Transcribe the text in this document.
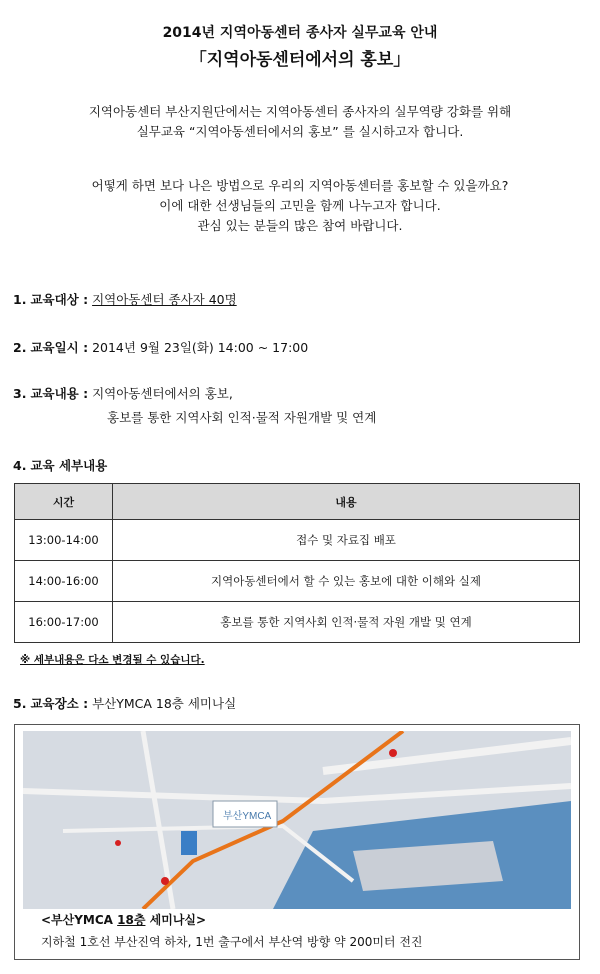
2014년 지역아동센터 종사자 실무교육 안내
「지역아동센터에서의 홍보」
지역아동센터 부산지원단에서는 지역아동센터 종사자의 실무역량 강화를 위해
실무교육 “지역아동센터에서의 홍보” 를 실시하고자 합니다.
어떻게 하면 보다 나은 방법으로 우리의 지역아동센터를 홍보할 수 있을까요?
이에 대한 선생님들의 고민을 함께 나누고자 합니다.
관심 있는 분들의 많은 참여 바랍니다.
1. 교육대상 : 지역아동센터 종사자 40명
2. 교육일시 : 2014년 9월 23일(화) 14:00 ~ 17:00
3. 교육내용 : 지역아동센터에서의 홍보,
홍보를 통한 지역사회 인적·물적 자원개발 및 연계
4. 교육 세부내용
시간	내용
13:00-14:00	접수 및 자료집 배포
14:00-16:00	지역아동센터에서 할 수 있는 홍보에 대한 이해와 실제
16:00-17:00	홍보를 통한 지역사회 인적·물적 자원 개발 및 연계
※ 세부내용은 다소 변경될 수 있습니다.
5. 교육장소 : 부산YMCA 18층 세미나실
부산YMCA
<부산YMCA 18층 세미나실>
지하철 1호선 부산진역 하차, 1번 출구에서 부산역 방향 약 200미터 전진
